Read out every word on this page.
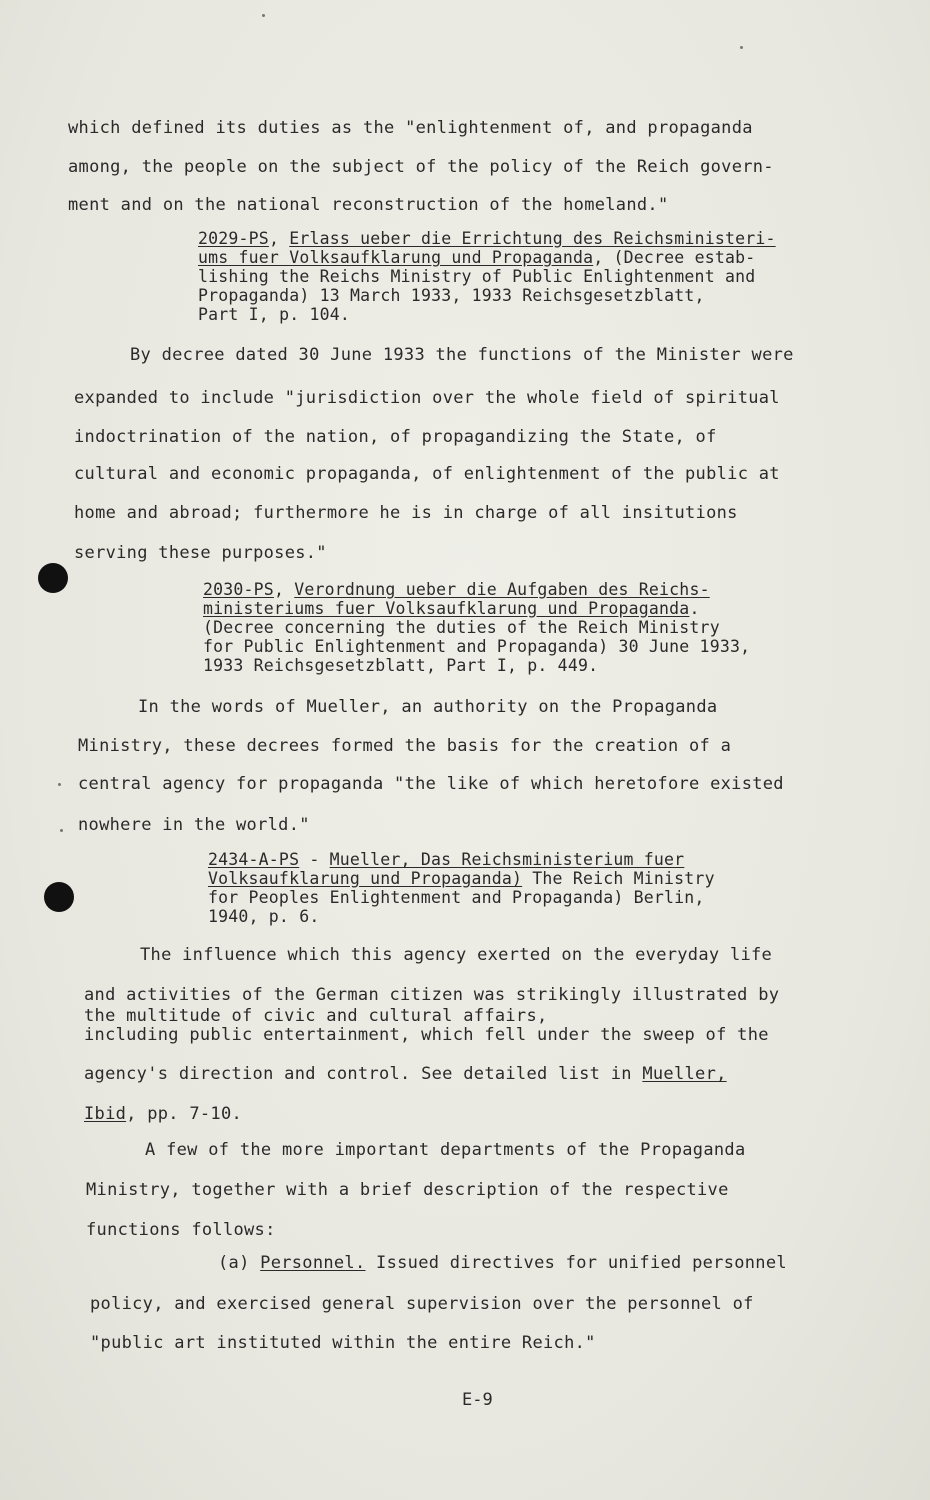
which defined its duties as the "enlightenment of, and propaganda
among, the people on the subject of the policy of the Reich govern-
ment and on the national reconstruction of the homeland."
2029-PS, Erlass ueber die Errichtung des Reichsministeri-
ums fuer Volksaufklarung und Propaganda, (Decree estab-
lishing the Reichs Ministry of Public Enlightenment and
Propaganda) 13 March 1933, 1933 Reichsgesetzblatt,
Part I, p. 104.
By decree dated 30 June 1933 the functions of the Minister were
expanded to include "jurisdiction over the whole field of spiritual
indoctrination of the nation, of propagandizing the State, of
cultural and economic propaganda, of enlightenment of the public at
home and abroad; furthermore he is in charge of all insitutions
serving these purposes."
2030-PS, Verordnung ueber die Aufgaben des Reichs-
ministeriums fuer Volksaufklarung und Propaganda.
(Decree concerning the duties of the Reich Ministry
for Public Enlightenment and Propaganda) 30 June 1933,
1933 Reichsgesetzblatt, Part I, p. 449.
In the words of Mueller, an authority on the Propaganda
Ministry, these decrees formed the basis for the creation of a
central agency for propaganda "the like of which heretofore existed
nowhere in the world."
2434-A-PS - Mueller, Das Reichsministerium fuer
Volksaufklarung und Propaganda) The Reich Ministry
for Peoples Enlightenment and Propaganda) Berlin,
1940, p. 6.
The influence which this agency exerted on the everyday life
and activities of the German citizen was strikingly illustrated by
the multitude of civic and cultural affairs,
including public entertainment, which fell under the sweep of the
agency's direction and control. See detailed list in Mueller,
Ibid, pp. 7-10.
A few of the more important departments of the Propaganda
Ministry, together with a brief description of the respective
functions follows:
(a) Personnel. Issued directives for unified personnel
policy, and exercised general supervision over the personnel of
"public art instituted within the entire Reich."
E-9
